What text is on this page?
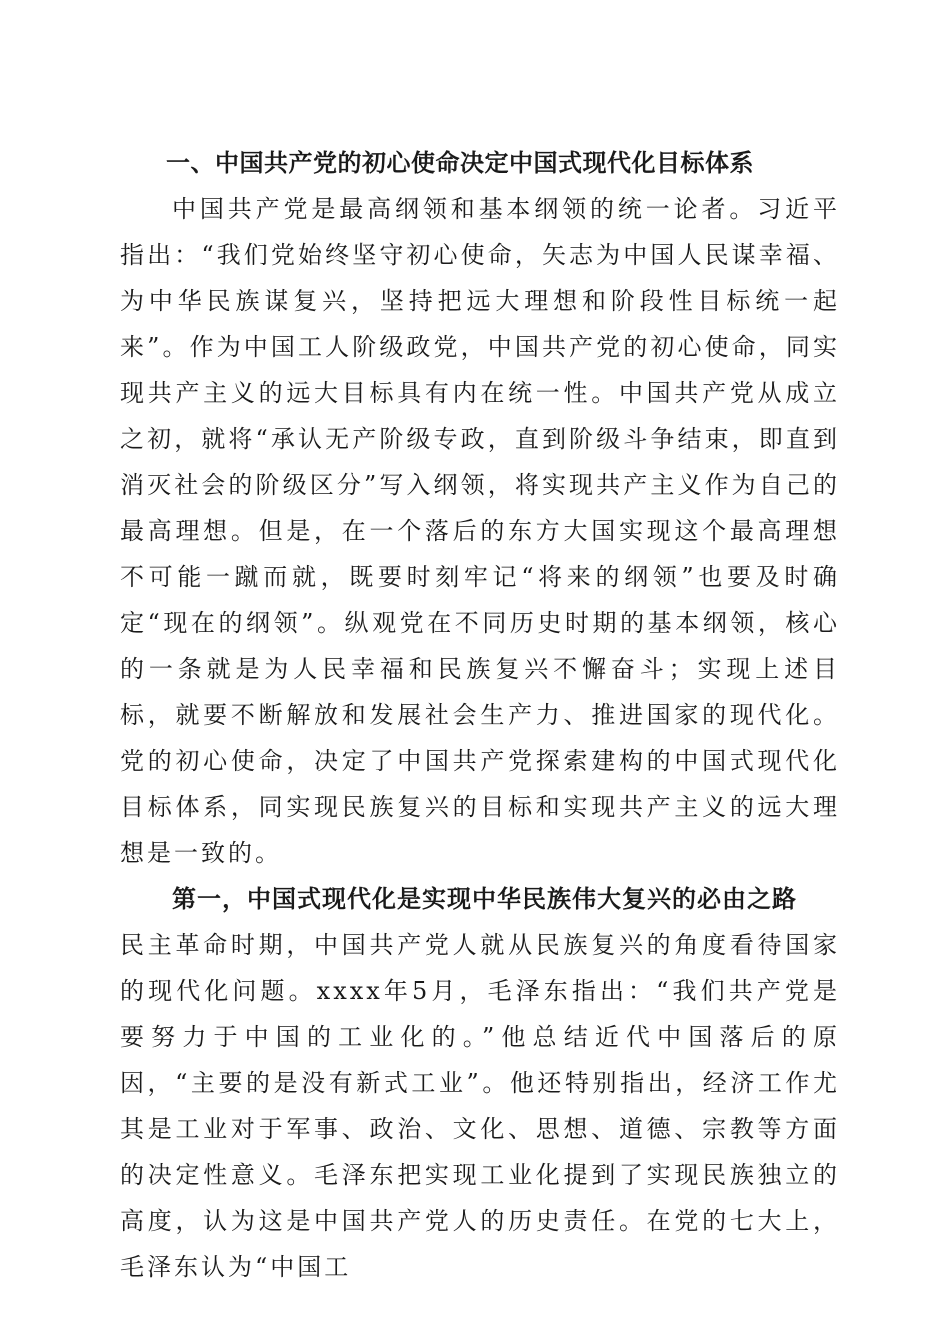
一、中国共产党的初心使命决定中国式现代化目标体系

中国共产党是最高纲领和基本纲领的统一论者。习近平指出：“我们党始终坚守初心使命，矢志为中国人民谋幸福、为中华民族谋复兴，坚持把远大理想和阶段性目标统一起来”。作为中国工人阶级政党，中国共产党的初心使命，同实现共产主义的远大目标具有内在统一性。中国共产党从成立之初，就将“承认无产阶级专政，直到阶级斗争结束，即直到消灭社会的阶级区分”写入纲领，将实现共产主义作为自己的最高理想。但是，在一个落后的东方大国实现这个最高理想不可能一蹴而就，既要时刻牢记“将来的纲领”也要及时确定“现在的纲领”。纵观党在不同历史时期的基本纲领，核心的一条就是为人民幸福和民族复兴不懈奋斗；实现上述目标，就要不断解放和发展社会生产力、推进国家的现代化。党的初心使命，决定了中国共产党探索建构的中国式现代化目标体系，同实现民族复兴的目标和实现共产主义的远大理想是一致的。

第一，中国式现代化是实现中华民族伟大复兴的必由之路

民主革命时期，中国共产党人就从民族复兴的角度看待国家的现代化问题。xxxx年5月，毛泽东指出：“我们共产党是要努力于中国的工业化的。”他总结近代中国落后的原因，“主要的是没有新式工业”。他还特别指出，经济工作尤其是工业对于军事、政治、文化、思想、道德、宗教等方面的决定性意义。毛泽东把实现工业化提到了实现民族独立的高度，认为这是中国共产党人的历史责任。在党的七大上，毛泽东认为“中国工
